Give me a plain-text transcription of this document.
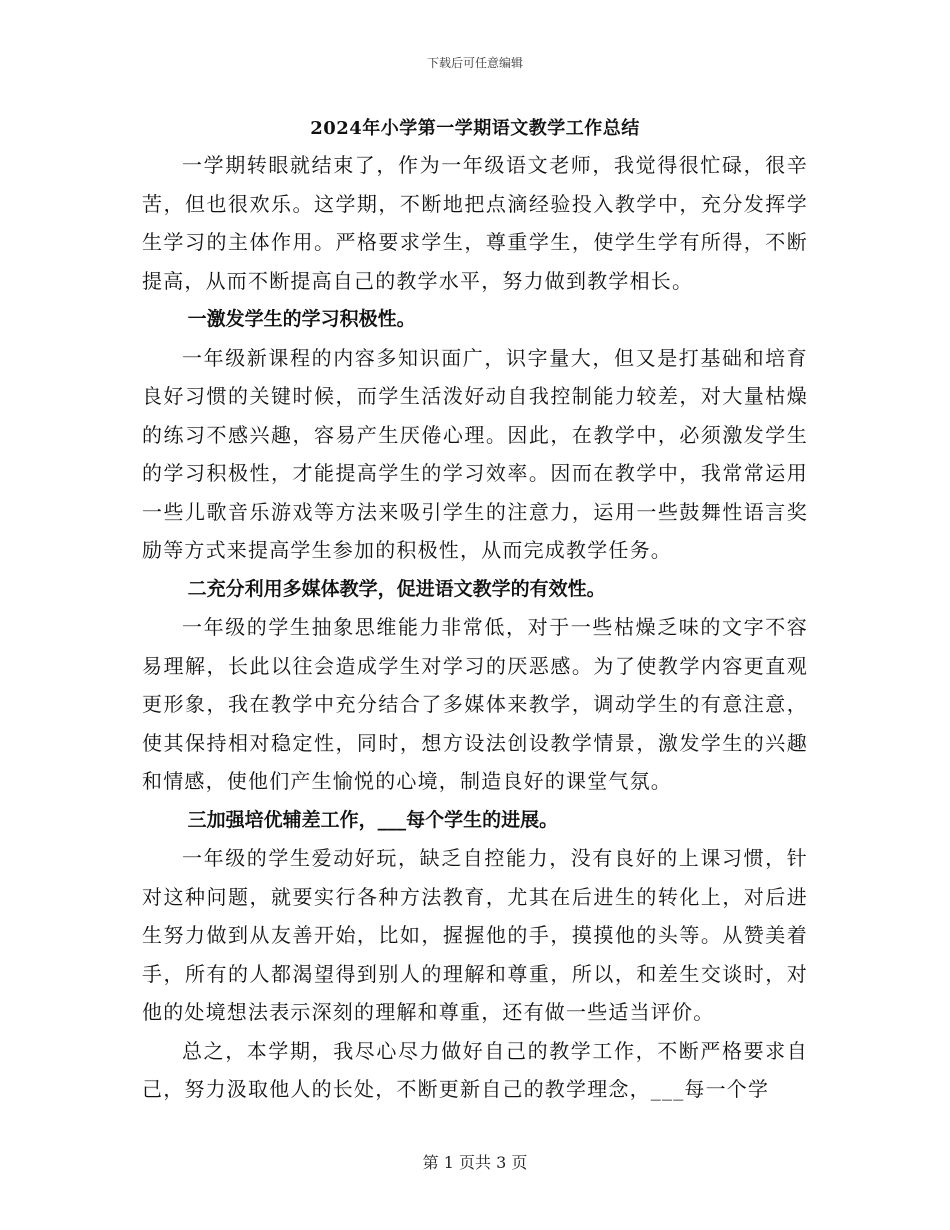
下载后可任意编辑
2024年小学第一学期语文教学工作总结

一学期转眼就结束了，作为一年级语文老师，我觉得很忙碌，很辛苦，但也很欢乐。这学期，不断地把点滴经验投入教学中，充分发挥学生学习的主体作用。严格要求学生，尊重学生，使学生学有所得，不断提高，从而不断提高自己的教学水平，努力做到教学相长。

一激发学生的学习积极性。

一年级新课程的内容多知识面广，识字量大，但又是打基础和培育良好习惯的关键时候，而学生活泼好动自我控制能力较差，对大量枯燥的练习不感兴趣，容易产生厌倦心理。因此，在教学中，必须激发学生的学习积极性，才能提高学生的学习效率。因而在教学中，我常常运用一些儿歌音乐游戏等方法来吸引学生的注意力，运用一些鼓舞性语言奖励等方式来提高学生参加的积极性，从而完成教学任务。

二充分利用多媒体教学，促进语文教学的有效性。

一年级的学生抽象思维能力非常低，对于一些枯燥乏味的文字不容易理解，长此以往会造成学生对学习的厌恶感。为了使教学内容更直观更形象，我在教学中充分结合了多媒体来教学，调动学生的有意注意，使其保持相对稳定性，同时，想方设法创设教学情景，激发学生的兴趣和情感，使他们产生愉悦的心境，制造良好的课堂气氛。

三加强培优辅差工作，___每个学生的进展。

一年级的学生爱动好玩，缺乏自控能力，没有良好的上课习惯，针对这种问题，就要实行各种方法教育，尤其在后进生的转化上，对后进生努力做到从友善开始，比如，握握他的手，摸摸他的头等。从赞美着手，所有的人都渴望得到别人的理解和尊重，所以，和差生交谈时，对他的处境想法表示深刻的理解和尊重，还有做一些适当评价。

总之，本学期，我尽心尽力做好自己的教学工作，不断严格要求自己，努力汲取他人的长处，不断更新自己的教学理念，___每一个学

第 1 页共 3 页
